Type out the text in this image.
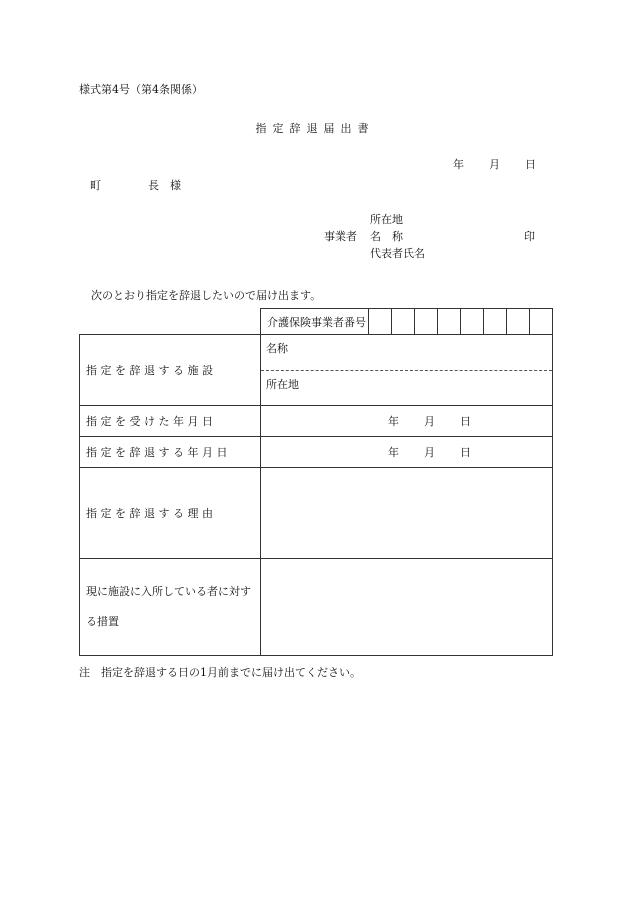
様式第4号（第4条関係）
指定辞退届出書
年 月 日
町	長　様
所在地
事業者	名　称	印
代表者氏名
次のとおり指定を辞退したいので届け出ます。
	介護保険事業者番号								
指 定 を 辞 退 す る 施 設	名称
所在地								

指 定 を 受 け た 年 月 日	年 月 日								
指 定 を 辞 退 す る 年 月 日	年 月 日								
指 定 を 辞 退 す る 理 由									
現に施設に入所している者に対する措置									
注　指定を辞退する日の1月前までに届け出てください。
